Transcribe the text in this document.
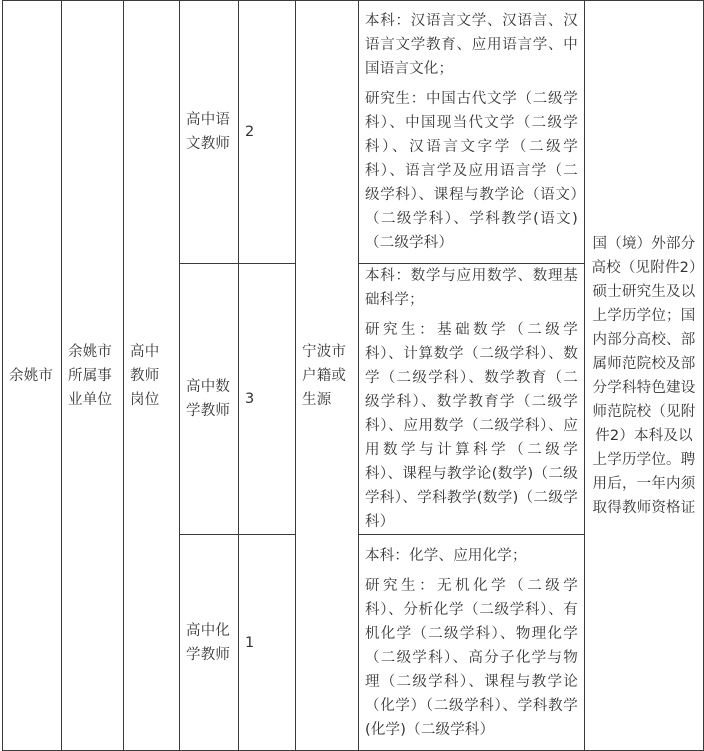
余姚市	余姚市所属事业单位	高中教师岗位	高中语文教师	2	宁波市户籍或生源	本科：汉语言文学、汉语言、汉语言文学教育、应用语言学、中国语言文化；

研究生：中国古代文学（二级学科）、中国现当代文学（二级学科）、汉语言文字学（二级学科）、语言学及应用语言学（二级学科）、课程与教学论（语文）（二级学科）、学科教学(语文)（二级学科）	国（境）外部分高校（见附件2）硕士研究生及以上学历学位；国内部分高校、部属师范院校及部分学科特色建设师范院校（见附件2）本科及以上学历学位。聘用后，一年内须取得教师资格证

			高中数学教师	3		本科：数学与应用数学、数理基础科学；

研究生：基础数学（二级学科）、计算数学（二级学科）、数学（二级学科）、数学教育（二级学科）、数学教育学（二级学科）、应用数学（二级学科）、应用数学与计算科学（二级学科）、课程与教学论(数学)（二级学科）、学科教学(数学)（二级学科）	

			高中化学教师	1		本科：化学、应用化学；

研究生：无机化学（二级学科）、分析化学（二级学科）、有机化学（二级学科）、物理化学（二级学科）、高分子化学与物理（二级学科）、课程与教学论（化学）（二级学科）、学科教学(化学)（二级学科）	
